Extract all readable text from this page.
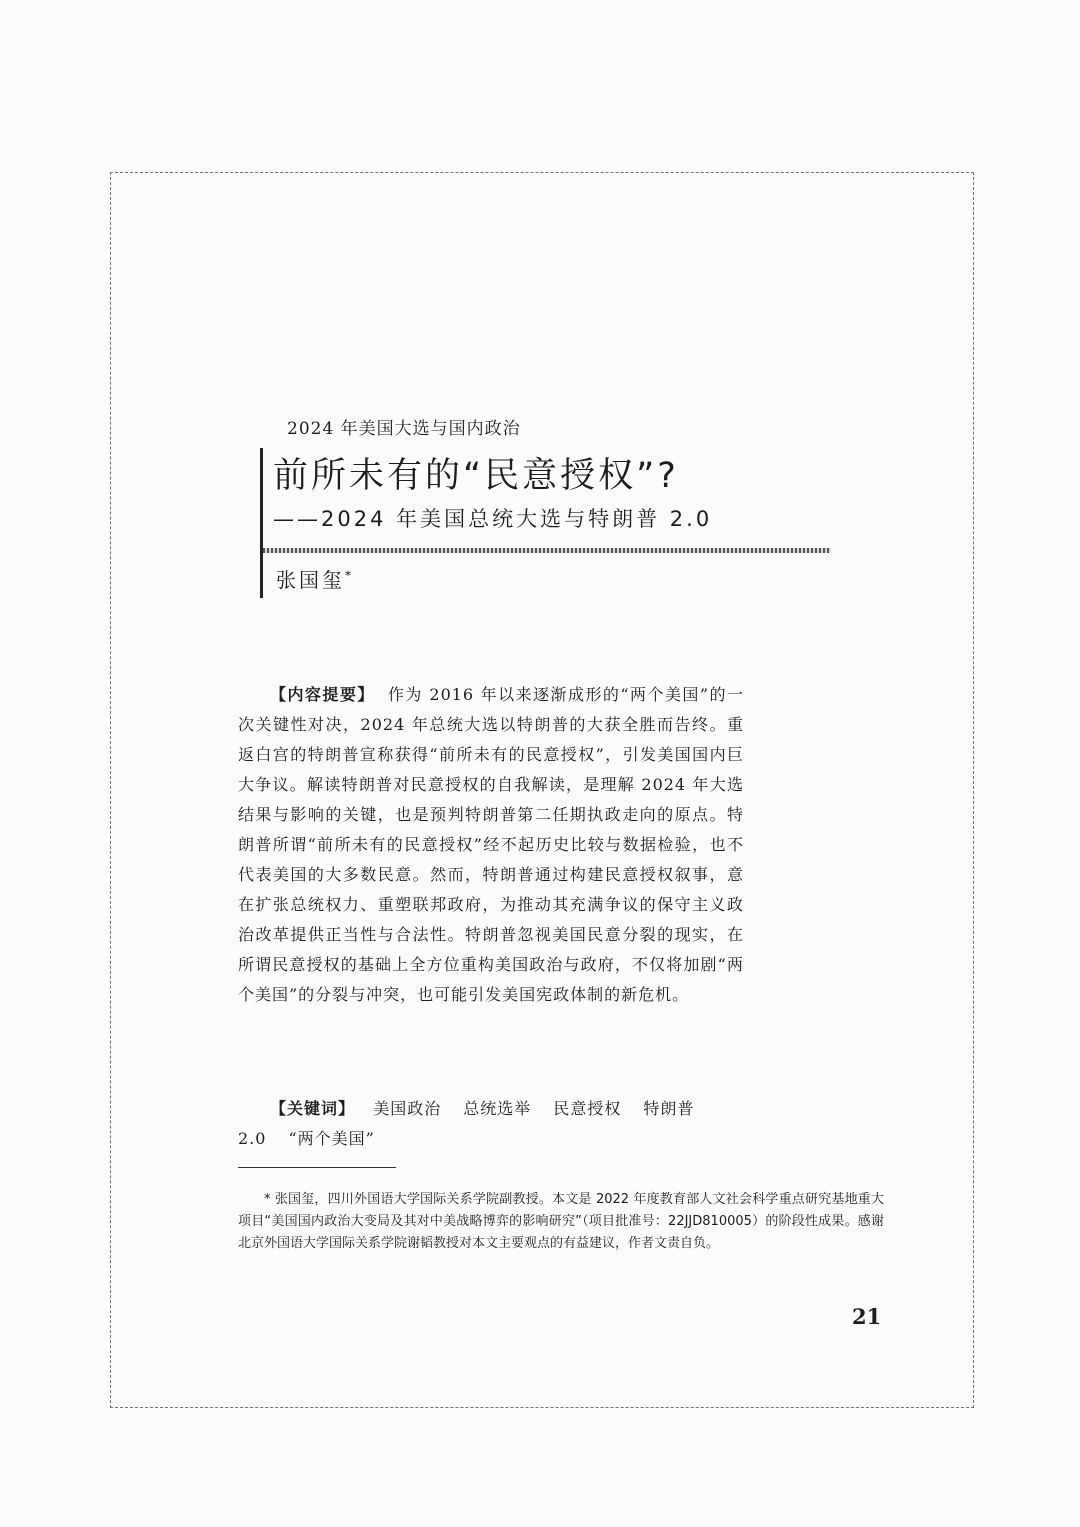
2024 年美国大选与国内政治

前所未有的“民意授权”?

——2024 年美国总统大选与特朗普 2.0

张国玺*

【内容提要】 作为 2016 年以来逐渐成形的“两个美国”的一次关键性对决，2024 年总统大选以特朗普的大获全胜而告终。重返白宫的特朗普宣称获得“前所未有的民意授权”，引发美国国内巨大争议。解读特朗普对民意授权的自我解读，是理解 2024 年大选结果与影响的关键，也是预判特朗普第二任期执政走向的原点。特朗普所谓“前所未有的民意授权”经不起历史比较与数据检验，也不代表美国的大多数民意。然而，特朗普通过构建民意授权叙事，意在扩张总统权力、重塑联邦政府，为推动其充满争议的保守主义政治改革提供正当性与合法性。特朗普忽视美国民意分裂的现实，在所谓民意授权的基础上全方位重构美国政治与政府，不仅将加剧“两个美国”的分裂与冲突，也可能引发美国宪政体制的新危机。

【关键词】 美国政治 总统选举 民意授权 特朗普 2.0 “两个美国”

* 张国玺，四川外国语大学国际关系学院副教授。本文是 2022 年度教育部人文社会科学重点研究基地重大项目“美国国内政治大变局及其对中美战略博弈的影响研究”（项目批准号：22JJD810005）的阶段性成果。感谢北京外国语大学国际关系学院谢韬教授对本文主要观点的有益建议，作者文责自负。

21
